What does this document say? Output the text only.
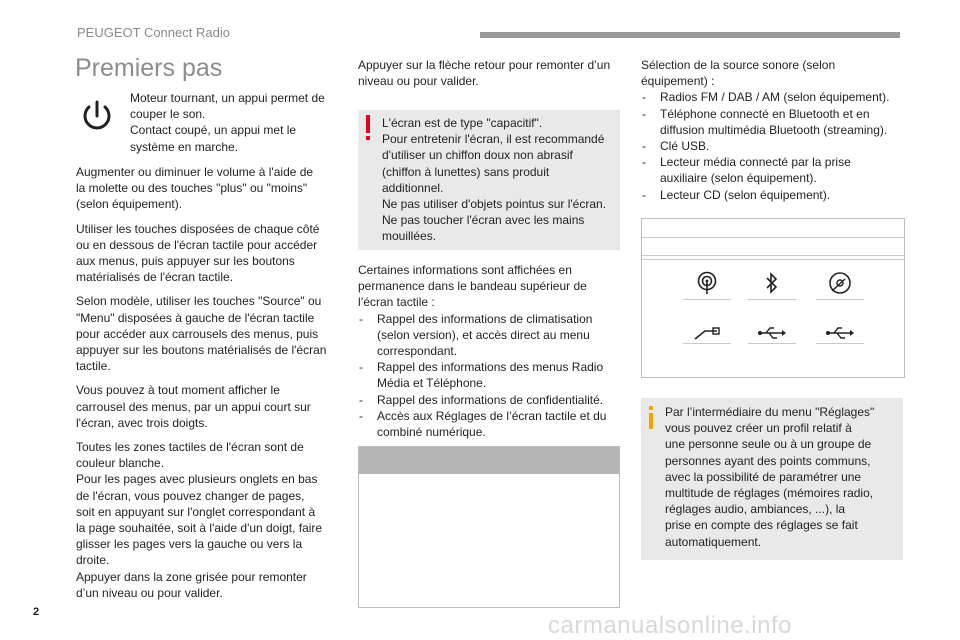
PEUGEOT Connect Radio
Premiers pas
Moteur tournant, un appui permet de
couper le son.
Contact coupé, un appui met le
système en marche.

Augmenter ou diminuer le volume à l'aide de
la molette ou des touches "plus" ou "moins"
(selon équipement).

Utiliser les touches disposées de chaque côté
ou en dessous de l'écran tactile pour accéder
aux menus, puis appuyer sur les boutons
matérialisés de l'écran tactile.

Selon modèle, utiliser les touches "Source" ou
"Menu" disposées à gauche de l'écran tactile
pour accéder aux carrousels des menus, puis
appuyer sur les boutons matérialisés de l'écran
tactile.

Vous pouvez à tout moment afficher le
carrousel des menus, par un appui court sur
l'écran, avec trois doigts.

Toutes les zones tactiles de l'écran sont de
couleur blanche.
Pour les pages avec plusieurs onglets en bas
de l'écran, vous pouvez changer de pages,
soit en appuyant sur l'onglet correspondant à
la page souhaitée, soit à l'aide d'un doigt, faire
glisser les pages vers la gauche ou vers la
droite.
Appuyer dans la zone grisée pour remonter
d’un niveau ou pour valider.

Appuyer sur la flèche retour pour remonter d’un
niveau ou pour valider.
L'écran est de type "capacitif".
Pour entretenir l'écran, il est recommandé
d'utiliser un chiffon doux non abrasif
(chiffon à lunettes) sans produit
additionnel.
Ne pas utiliser d'objets pointus sur l'écran.
Ne pas toucher l'écran avec les mains
mouillées.
Certaines informations sont affichées en
permanence dans le bandeau supérieur de
l’écran tactile :
- Rappel des informations de climatisation
(selon version), et accès direct au menu
correspondant.
- Rappel des informations des menus Radio
Média et Téléphone.
- Rappel des informations de confidentialité.
- Accès aux Réglages de l’écran tactile et du
combiné numérique.
Sélection de la source sonore (selon
équipement) :
- Radios FM / DAB / AM (selon équipement).
- Téléphone connecté en Bluetooth et en
diffusion multimédia Bluetooth (streaming).
- Clé USB.
- Lecteur média connecté par la prise
auxiliaire (selon équipement).
- Lecteur CD (selon équipement).
Par l’intermédiaire du menu "Réglages"
vous pouvez créer un profil relatif à
une personne seule ou à un groupe de
personnes ayant des points communs,
avec la possibilité de paramétrer une
multitude de réglages (mémoires radio,
réglages audio, ambiances, ...), la
prise en compte des réglages se fait
automatiquement.
2	carmanualsonline.info
